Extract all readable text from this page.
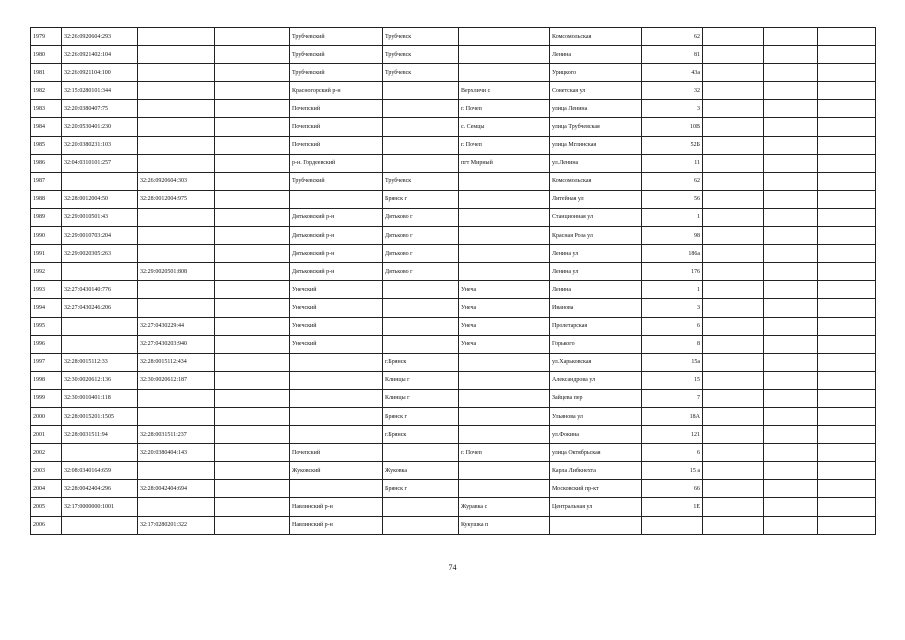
1979	32:26:0920604:293			Трубчевский	Трубчевск		Комсомольская	62			
1980	32:26:0921402:104			Трубчевский	Трубчевск		Ленина	81			
1981	32:26:0921104:100			Трубчевский	Трубчевск		Урицкого	43а			
1982	32:15:0280101:344			Красногорский р-н		Верхличи с	Советская ул	32			
1983	32:20:0380407:75			Почепский		г. Почеп	улица Ленина	3			
1984	32:20:0530401:230			Почепский		с. Семцы	улица Трубчевская	10В			
1985	32:20:0380231:103			Почепский		г. Почеп	улица Мглинская	52Б			
1986	32:04:0310101:257			р-н. Гордеевский		пгт Мирный	ул.Ленина	11			
1987		32:26:0920604:303		Трубчевский	Трубчевск		Комсомольская	62			
1988	32:28:0012004:50	32:28:0012004:975			Брянск г		Литейная ул	56			
1989	32:29:0010501:43			Дятьковский р-н	Дятьково г		Станционная ул	1			
1990	32:29:0010703:204			Дятьковский р-н	Дятьково г		Красная Роза ул	98			
1991	32:29:0020305:263			Дятьковский р-н	Дятьково г		Ленина ул	186а			
1992		32:29:0020501:808		Дятьковский р-н	Дятьково г		Ленина ул	176			
1993	32:27:0430140:776			Унечский		Унеча	Ленина	1			
1994	32:27:0430246:206			Унечский		Унеча	Иванова	3			
1995		32:27:0430229:44		Унечский		Унеча	Пролетарская	6			
1996		32:27:0430203:940		Унечский		Унеча	Горького	8			
1997	32:28:0015112:33	32:28:0015112:434			г.Брянск		ул.Харьковская	15а			
1998	32:30:0020612:136	32:30:0020612:187			Клинцы г		Александрова ул	15			
1999	32:30:0010401:118				Клинцы г		Зайцева пер	7			
2000	32:28:0015201:1505				Брянск г		Ульянова ул	18А			
2001	32:28:0031511:94	32:28:0031511:237			г.Брянск		ул.Фокина	121			
2002		32:20:0380404:143		Почепский		г. Почеп	улица Октябрьская	6			
2003	32:08:0340164:659			Жуковский	Жуковка		Карла Либкнехта	15 а			
2004	32:28:0042404:296	32:28:0042404:694			Брянск г		Московский пр-кт	66			
2005	32:17:0000000:1001			Навлинский р-н		Журавка с	Центральная ул	1Е			
2006		32:17:0280201:322		Навлинский р-н		Кукушка п					
74
